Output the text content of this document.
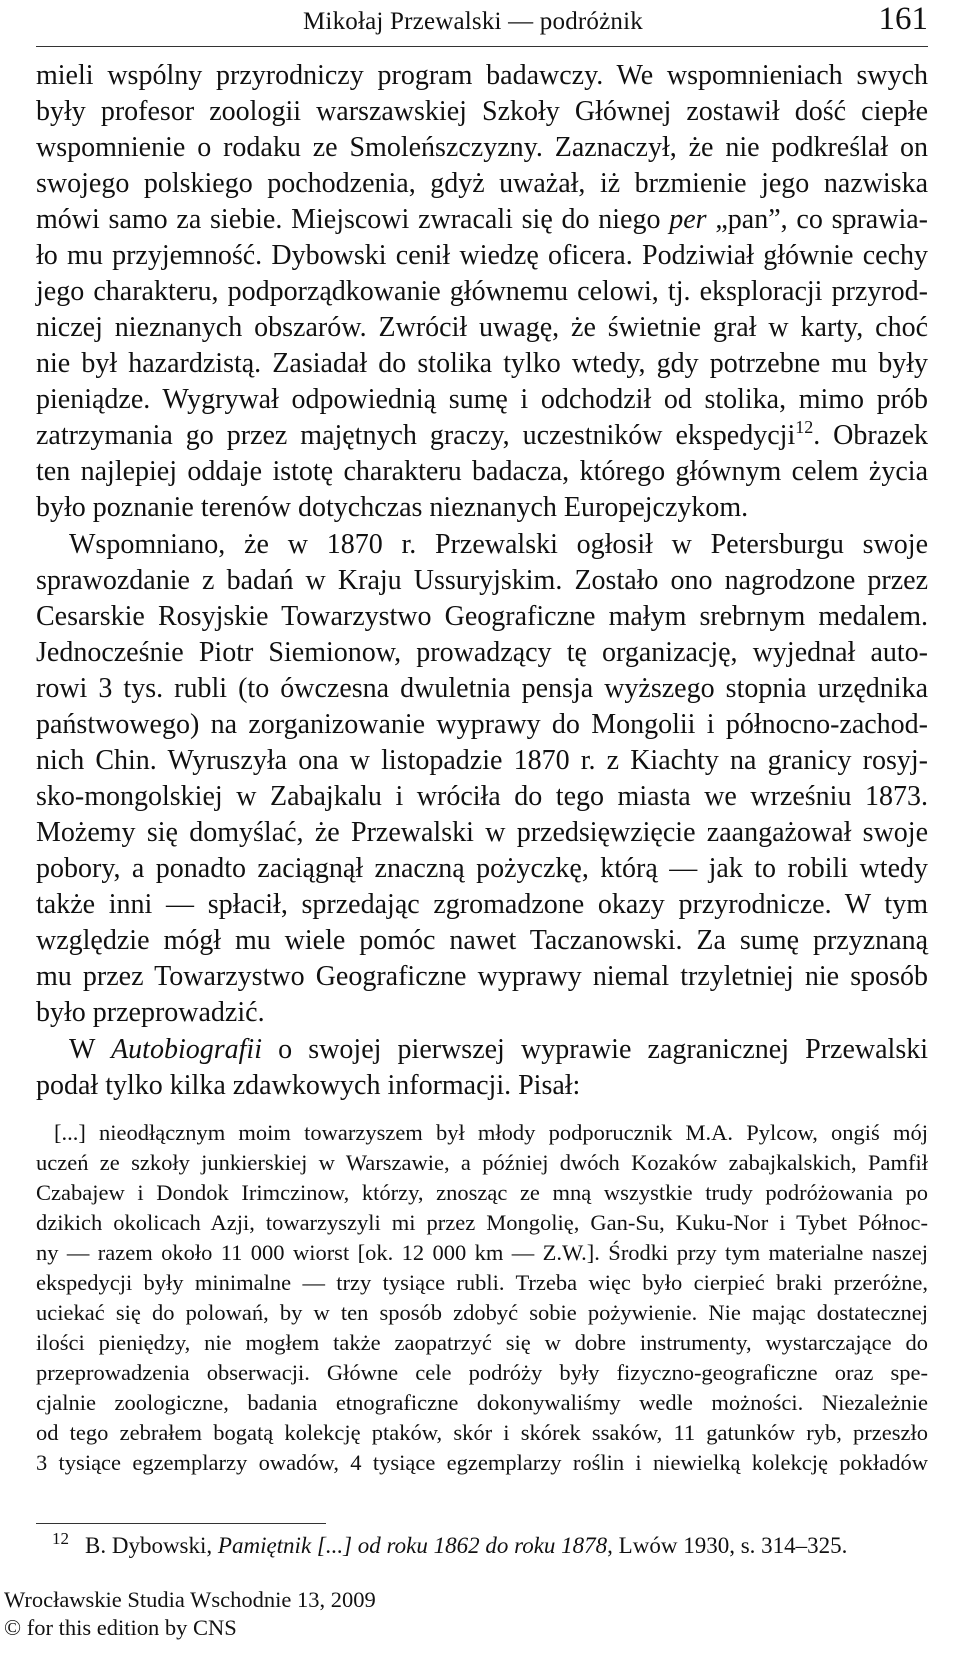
Mikołaj Przewalski — podróżnik	161
mieli wspólny przyrodniczy program badawczy. We wspomnieniach swych
były profesor zoologii warszawskiej Szkoły Głównej zostawił dość ciepłe
wspomnienie o rodaku ze Smoleńszczyzny. Zaznaczył, że nie podkreślał on
swojego polskiego pochodzenia, gdyż uważał, iż brzmienie jego nazwiska
mówi samo za siebie. Miejscowi zwracali się do niego per „pan”, co sprawia-
ło mu przyjemność. Dybowski cenił wiedzę oficera. Podziwiał głównie cechy
jego charakteru, podporządkowanie głównemu celowi, tj. eksploracji przyrod-
niczej nieznanych obszarów. Zwrócił uwagę, że świetnie grał w karty, choć
nie był hazardzistą. Zasiadał do stolika tylko wtedy, gdy potrzebne mu były
pieniądze. Wygrywał odpowiednią sumę i odchodził od stolika, mimo prób
zatrzymania go przez majętnych graczy, uczestników ekspedycji$^{12}$. Obrazek
ten najlepiej oddaje istotę charakteru badacza, którego głównym celem życia
było poznanie terenów dotychczas nieznanych Europejczykom.
Wspomniano, że w 1870 r. Przewalski ogłosił w Petersburgu swoje
sprawozdanie z badań w Kraju Ussuryjskim. Zostało ono nagrodzone przez
Cesarskie Rosyjskie Towarzystwo Geograficzne małym srebrnym medalem.
Jednocześnie Piotr Siemionow, prowadzący tę organizację, wyjednał auto-
rowi 3 tys. rubli (to ówczesna dwuletnia pensja wyższego stopnia urzędnika
państwowego) na zorganizowanie wyprawy do Mongolii i północno-zachod-
nich Chin. Wyruszyła ona w listopadzie 1870 r. z Kiachty na granicy rosyj-
sko-mongolskiej w Zabajkalu i wróciła do tego miasta we wrześniu 1873.
Możemy się domyślać, że Przewalski w przedsięwzięcie zaangażował swoje
pobory, a ponadto zaciągnął znaczną pożyczkę, którą — jak to robili wtedy
także inni — spłacił, sprzedając zgromadzone okazy przyrodnicze. W tym
względzie mógł mu wiele pomóc nawet Taczanowski. Za sumę przyznaną
mu przez Towarzystwo Geograficzne wyprawy niemal trzyletniej nie sposób
było przeprowadzić.
W Autobiografii o swojej pierwszej wyprawie zagranicznej Przewalski
podał tylko kilka zdawkowych informacji. Pisał:
[...] nieodłącznym moim towarzyszem był młody podporucznik M.A. Pylcow, ongiś mój
uczeń ze szkoły junkierskiej w Warszawie, a później dwóch Kozaków zabajkalskich, Pamfił
Czabajew i Dondok Irimczinow, którzy, znosząc ze mną wszystkie trudy podróżowania po
dzikich okolicach Azji, towarzyszyli mi przez Mongolię, Gan-Su, Kuku-Nor i Tybet Północ-
ny — razem około 11 000 wiorst [ok. 12 000 km — Z.W.]. Środki przy tym materialne naszej
ekspedycji były minimalne — trzy tysiące rubli. Trzeba więc było cierpieć braki przeróżne,
uciekać się do polowań, by w ten sposób zdobyć sobie pożywienie. Nie mając dostatecznej
ilości pieniędzy, nie mogłem także zaopatrzyć się w dobre instrumenty, wystarczające do
przeprowadzenia obserwacji. Główne cele podróży były fizyczno-geograficzne oraz spe-
cjalnie zoologiczne, badania etnograficzne dokonywaliśmy wedle możności. Niezależnie
od tego zebrałem bogatą kolekcję ptaków, skór i skórek ssaków, 11 gatunków ryb, przeszło
3 tysiące egzemplarzy owadów, 4 tysiące egzemplarzy roślin i niewielką kolekcję pokładów
$^{12}$ B. Dybowski, Pamiętnik [...] od roku 1862 do roku 1878, Lwów 1930, s. 314–325.
Wrocławskie Studia Wschodnie 13, 2009
© for this edition by CNS
